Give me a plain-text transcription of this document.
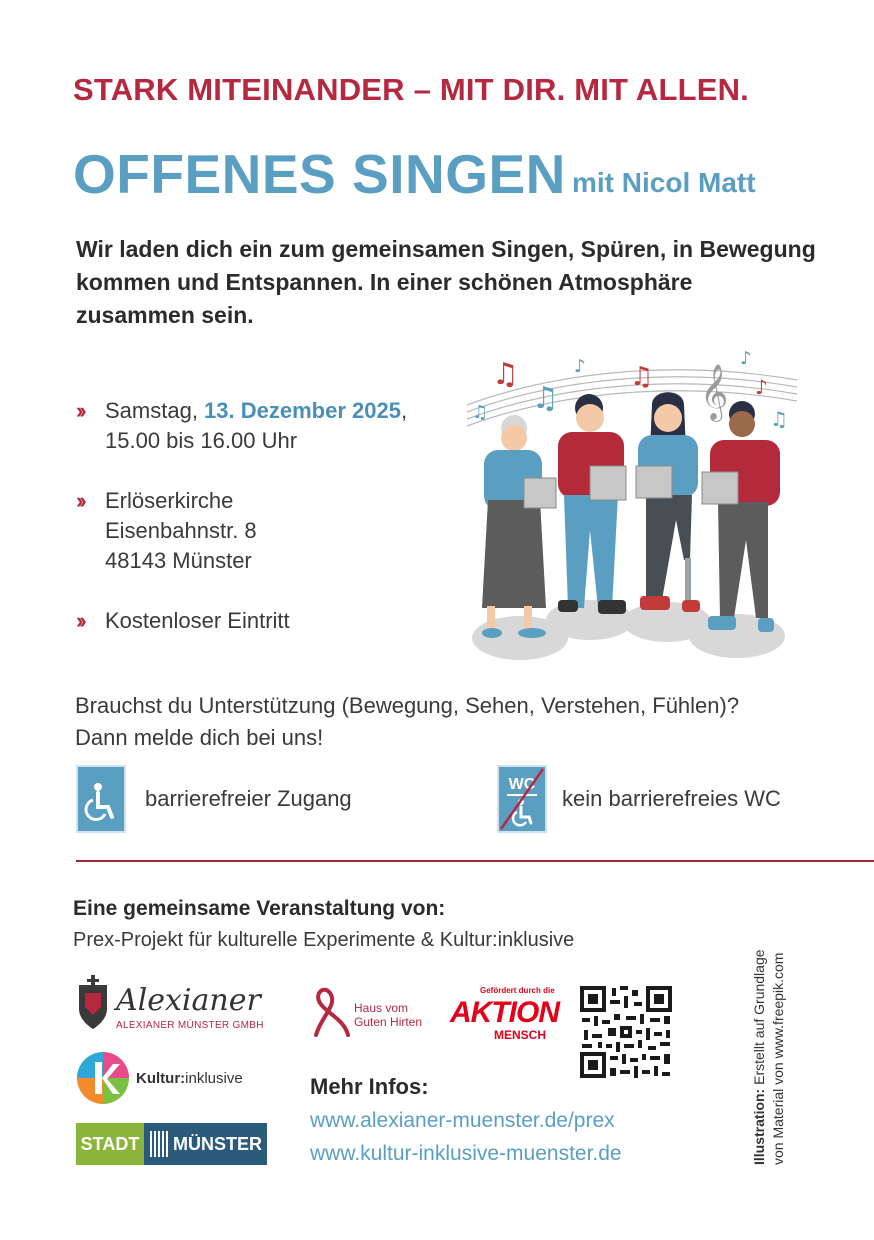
STARK MITEINANDER – MIT DIR. MIT ALLEN.
OFFENES SINGEN mit Nicol Matt
Wir laden dich ein zum gemeinsamen Singen, Spüren, in Bewegung kommen und Entspannen. In einer schönen Atmosphäre zusammen sein.
›› Samstag, 13. Dezember 2025,
15.00 bis 16.00 Uhr
›› Erlöserkirche
Eisenbahnstr. 8
48143 Münster
›› Kostenloser Eintritt
♫
♫
♫
♪ ♫ 𝄞
♪
♪
♫
Brauchst du Unterstützung (Bewegung, Sehen, Verstehen, Fühlen)?
Dann melde dich bei uns!
barrierefreier Zugang
WC
kein barrierefreies WC
Eine gemeinsame Veranstaltung von:
Prex-Projekt für kulturelle Experimente & Kultur:inklusive
Alexianer
ALEXIANER MÜNSTER GMBH
Kultur:inklusive
STADT MÜNSTER
Haus vom
Guten Hirten
Gefördert durch die
AKTION
MENSCH
Mehr Infos:
www.alexianer-muenster.de/prex
www.kultur-inklusive-muenster.de	Illustration: Erstellt auf Grundlage von Material von www.freepik.com
